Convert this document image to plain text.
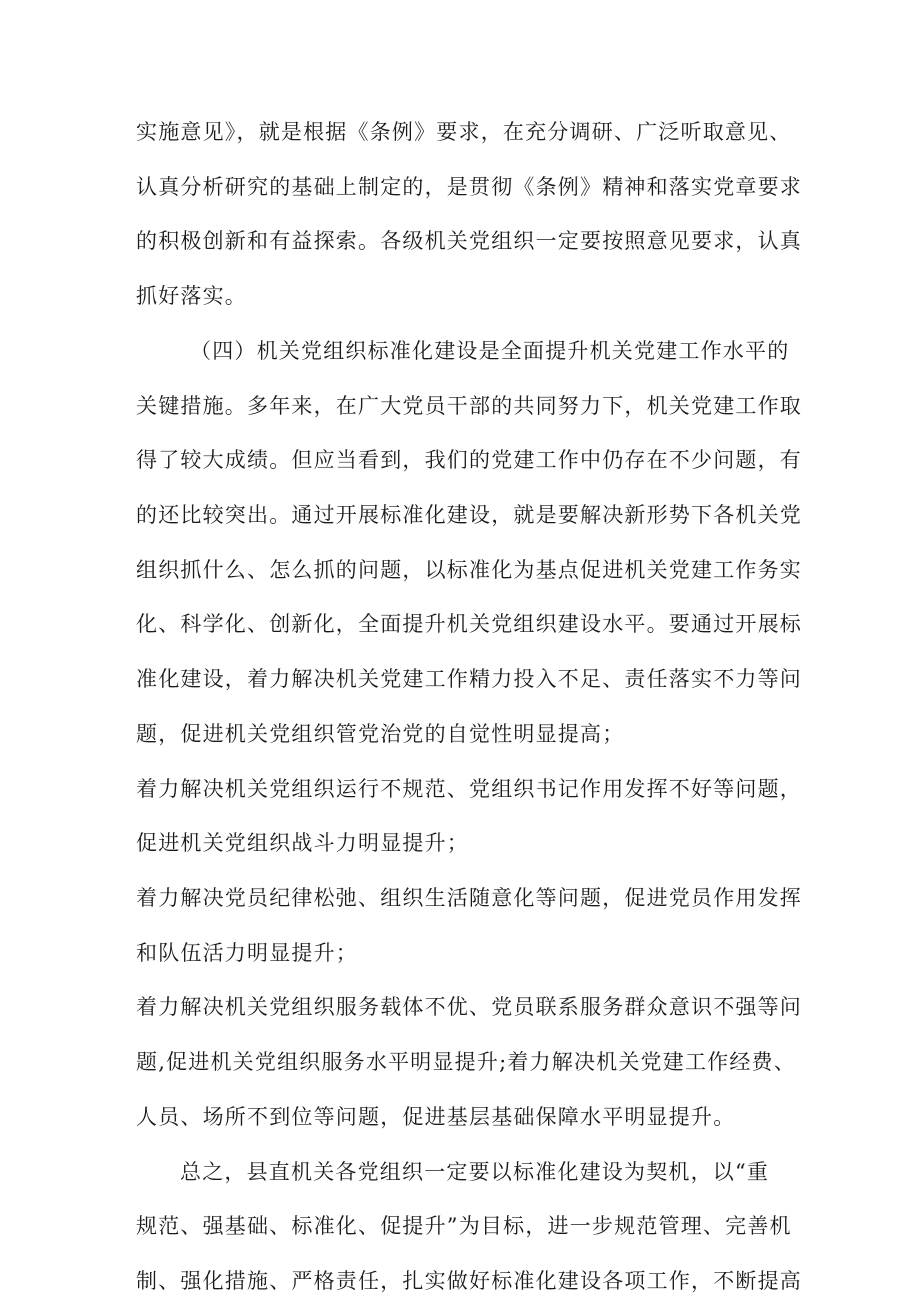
实施意见》，就是根据《条例》要求，在充分调研、广泛听取意见、
认真分析研究的基础上制定的，是贯彻《条例》精神和落实党章要求
的积极创新和有益探索。各级机关党组织一定要按照意见要求，认真
抓好落实。
（四）机关党组织标准化建设是全面提升机关党建工作水平的
关键措施。多年来，在广大党员干部的共同努力下，机关党建工作取
得了较大成绩。但应当看到，我们的党建工作中仍存在不少问题，有
的还比较突出。通过开展标准化建设，就是要解决新形势下各机关党
组织抓什么、怎么抓的问题，以标准化为基点促进机关党建工作务实
化、科学化、创新化，全面提升机关党组织建设水平。要通过开展标
准化建设，着力解决机关党建工作精力投入不足、责任落实不力等问
题，促进机关党组织管党治党的自觉性明显提高；
着力解决机关党组织运行不规范、党组织书记作用发挥不好等问题，
促进机关党组织战斗力明显提升；
着力解决党员纪律松弛、组织生活随意化等问题，促进党员作用发挥
和队伍活力明显提升；
着力解决机关党组织服务载体不优、党员联系服务群众意识不强等问
题,促进机关党组织服务水平明显提升;着力解决机关党建工作经费、
人员、场所不到位等问题，促进基层基础保障水平明显提升。
总之，县直机关各党组织一定要以标准化建设为契机，以“重
规范、强基础、标准化、促提升”为目标，进一步规范管理、完善机
制、强化措施、严格责任，扎实做好标准化建设各项工作，不断提高
